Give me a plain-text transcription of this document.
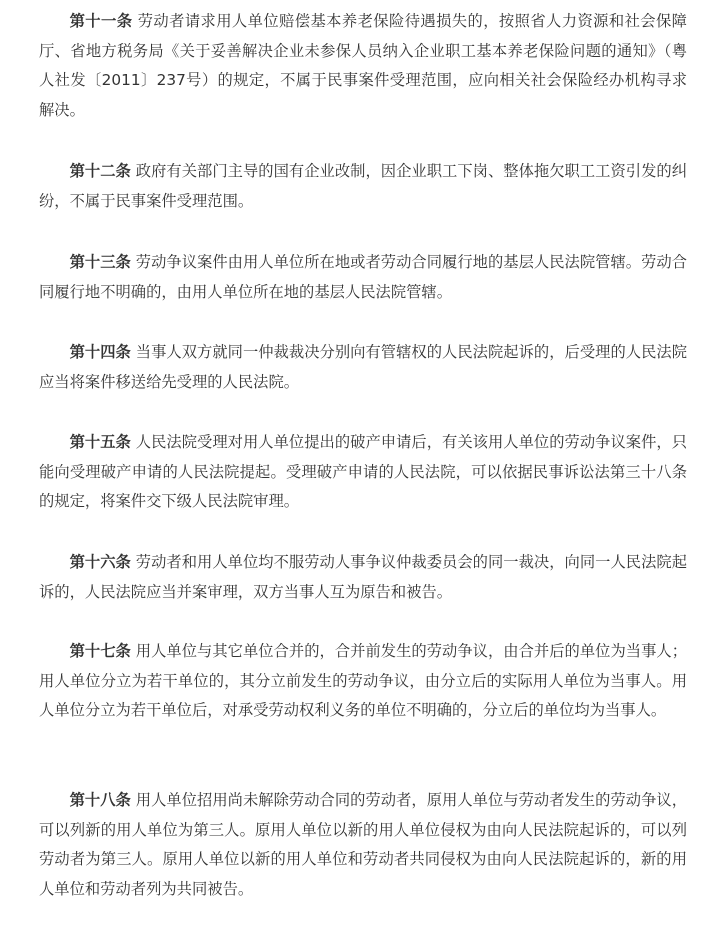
第十一条 劳动者请求用人单位赔偿基本养老保险待遇损失的，按照省人力资源和社会保障厅、省地方税务局《关于妥善解决企业未参保人员纳入企业职工基本养老保险问题的通知》（粤人社发〔2011〕237号）的规定，不属于民事案件受理范围，应向相关社会保险经办机构寻求解决。

第十二条 政府有关部门主导的国有企业改制，因企业职工下岗、整体拖欠职工工资引发的纠纷，不属于民事案件受理范围。

第十三条 劳动争议案件由用人单位所在地或者劳动合同履行地的基层人民法院管辖。劳动合同履行地不明确的，由用人单位所在地的基层人民法院管辖。

第十四条 当事人双方就同一仲裁裁决分别向有管辖权的人民法院起诉的，后受理的人民法院应当将案件移送给先受理的人民法院。

第十五条 人民法院受理对用人单位提出的破产申请后，有关该用人单位的劳动争议案件，只能向受理破产申请的人民法院提起。受理破产申请的人民法院，可以依据民事诉讼法第三十八条的规定，将案件交下级人民法院审理。

第十六条 劳动者和用人单位均不服劳动人事争议仲裁委员会的同一裁决，向同一人民法院起诉的，人民法院应当并案审理，双方当事人互为原告和被告。

第十七条 用人单位与其它单位合并的，合并前发生的劳动争议，由合并后的单位为当事人；用人单位分立为若干单位的，其分立前发生的劳动争议，由分立后的实际用人单位为当事人。用人单位分立为若干单位后，对承受劳动权利义务的单位不明确的，分立后的单位均为当事人。

第十八条 用人单位招用尚未解除劳动合同的劳动者，原用人单位与劳动者发生的劳动争议，可以列新的用人单位为第三人。原用人单位以新的用人单位侵权为由向人民法院起诉的，可以列劳动者为第三人。原用人单位以新的用人单位和劳动者共同侵权为由向人民法院起诉的，新的用人单位和劳动者列为共同被告。
